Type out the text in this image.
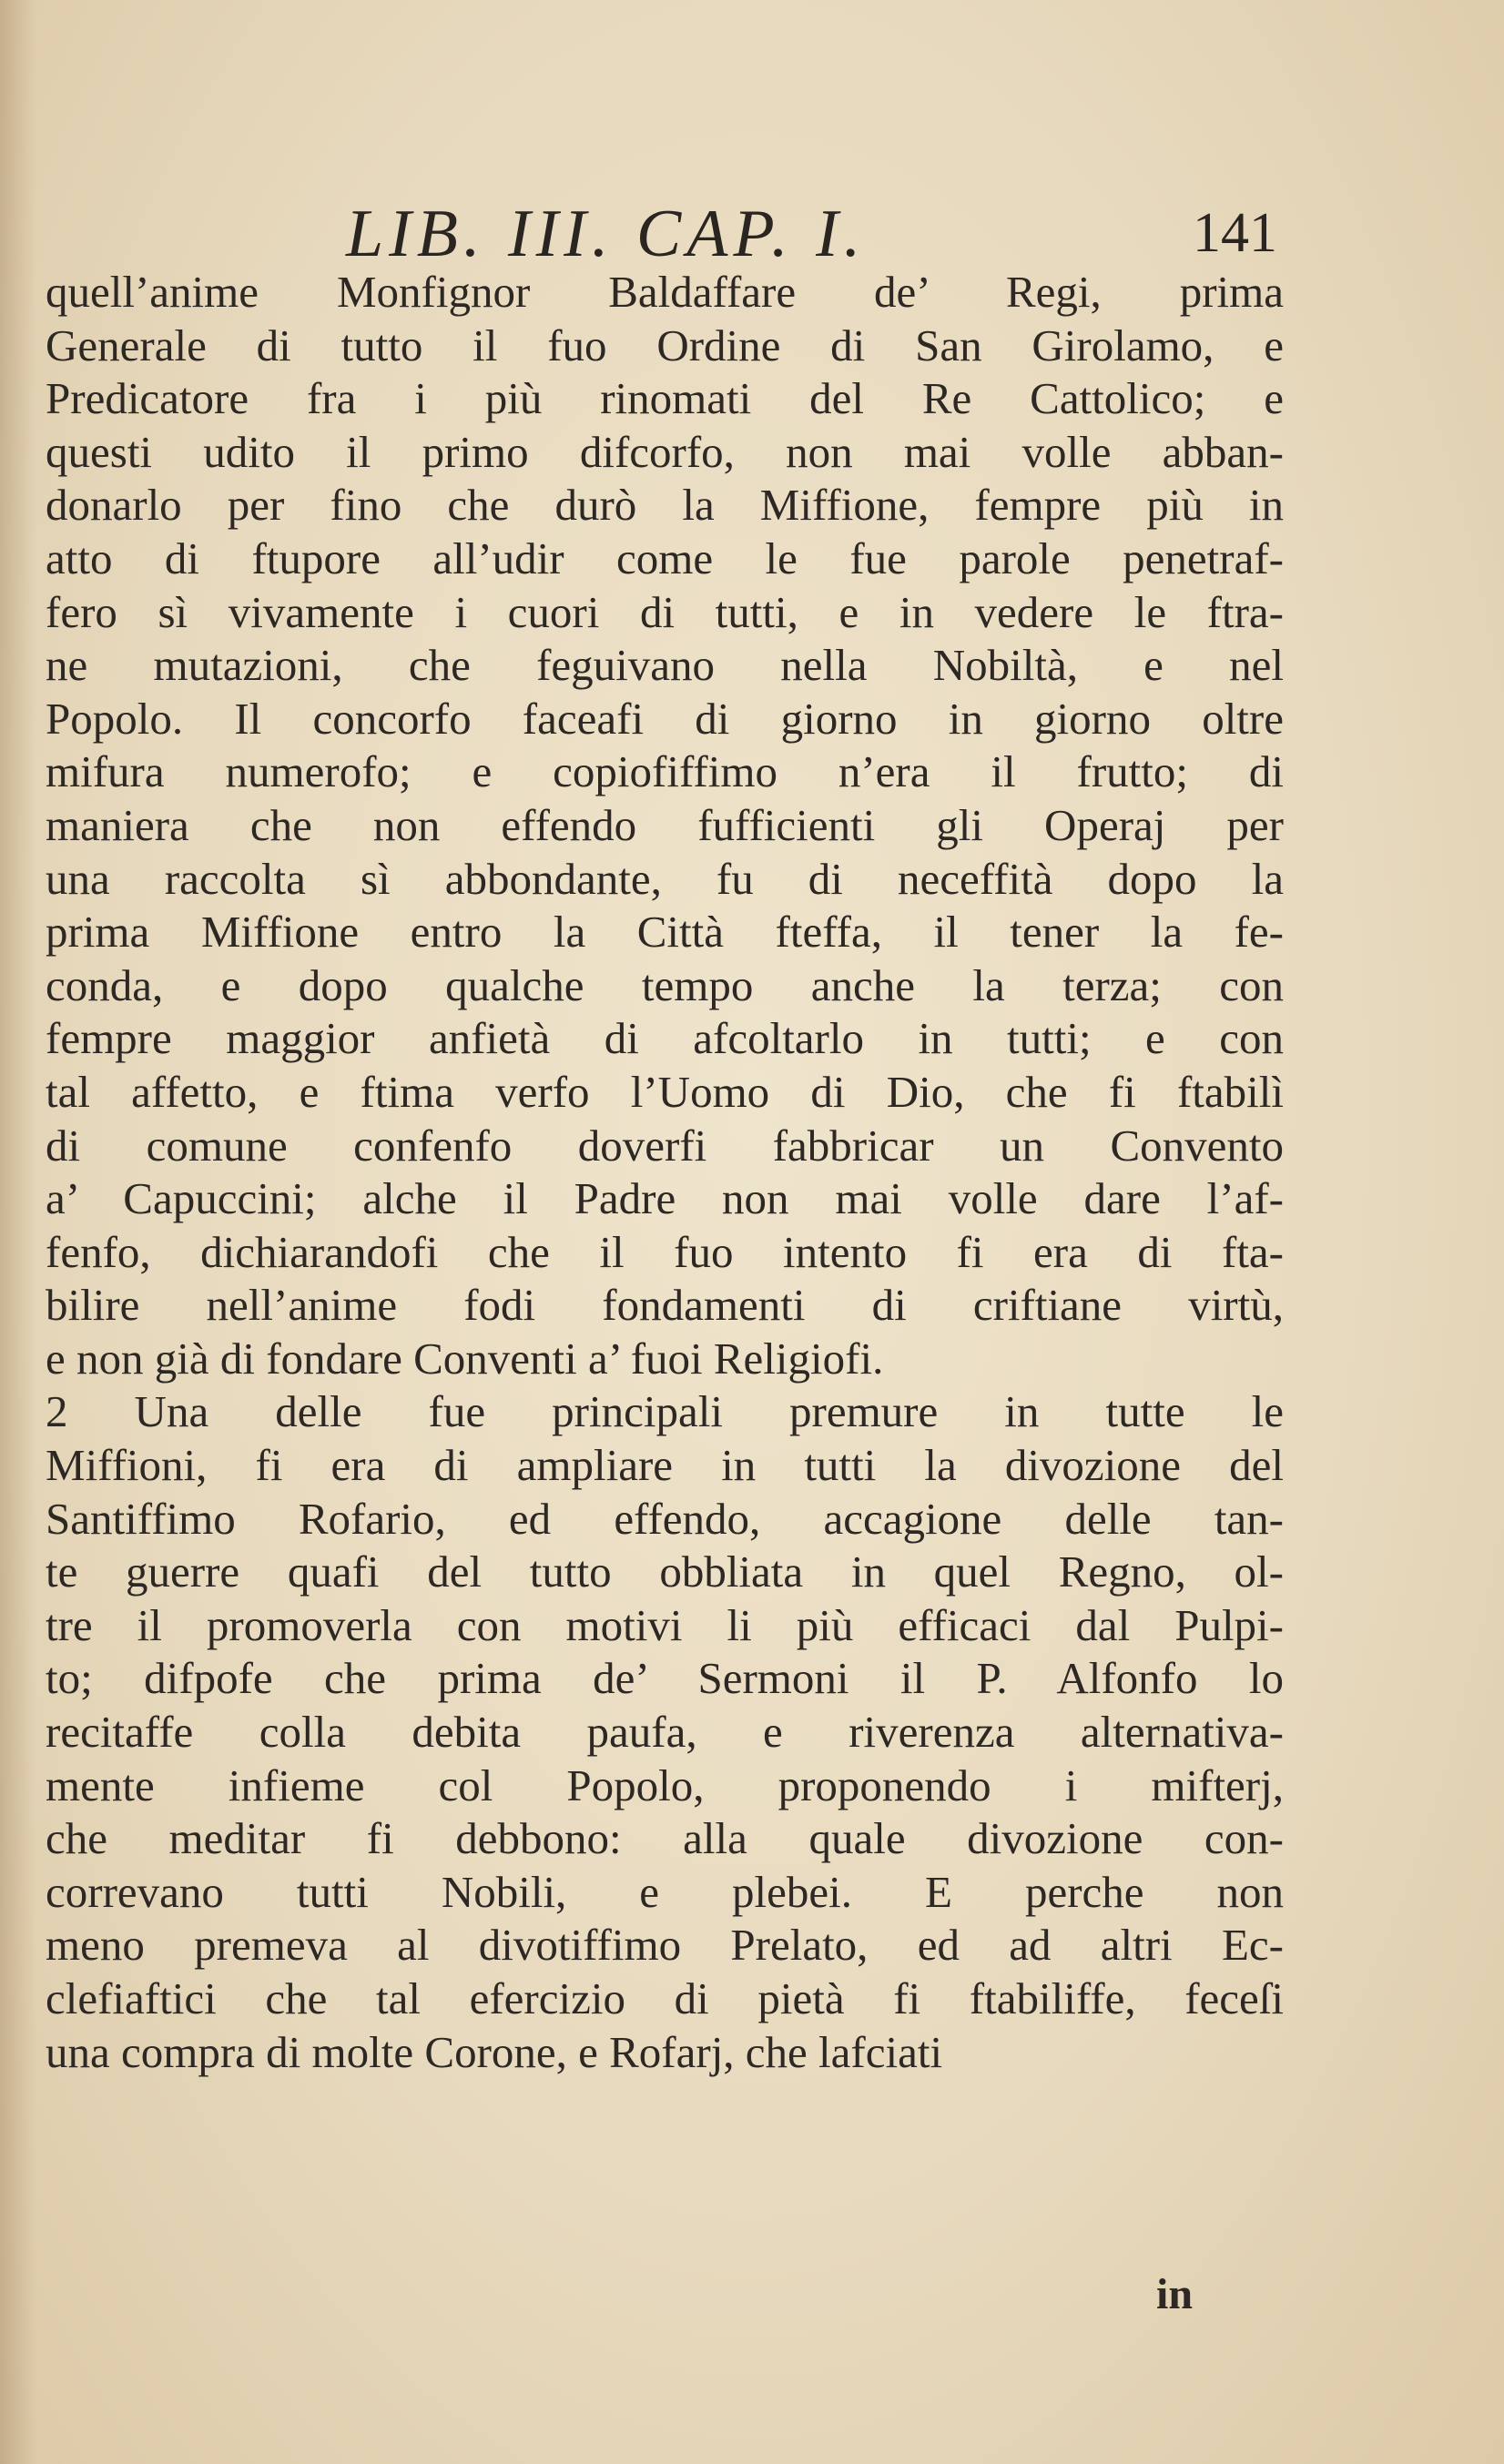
LIB. III. CAP. I.	141
quell’anime Monfignor Baldaffare de’ Regi, prima
Generale di tutto il fuo Ordine di San Girolamo, e
Predicatore fra i più rinomati del Re Cattolico; e
questi udito il primo difcorfo, non mai volle abban-
donarlo per fino che durò la Miffione, fempre più in
atto di ftupore all’udir come le fue parole penetraf-
fero sì vivamente i cuori di tutti, e in vedere le ftra-
ne mutazioni, che feguivano nella Nobiltà, e nel
Popolo. Il concorfo faceafi di giorno in giorno oltre
mifura numerofo; e copiofiffimo n’era il frutto; di
maniera che non effendo fufficienti gli Operaj per
una raccolta sì abbondante, fu di neceffità dopo la
prima Miffione entro la Città fteffa, il tener la fe-
conda, e dopo qualche tempo anche la terza; con
fempre maggior anfietà di afcoltarlo in tutti; e con
tal affetto, e ftima verfo l’Uomo di Dio, che fi ftabilì
di comune confenfo doverfi fabbricar un Convento
a’ Capuccini; alche il Padre non mai volle dare l’af-
fenfo, dichiarandofi che il fuo intento fi era di fta-
bilire nell’anime fodi fondamenti di criftiane virtù,
e non già di fondare Conventi a’ fuoi Religiofi.
2 Una delle fue principali premure in tutte le
Miffioni, fi era di ampliare in tutti la divozione del
Santiffimo Rofario, ed effendo, accagione delle tan-
te guerre quafi del tutto obbliata in quel Regno, ol-
tre il promoverla con motivi li più efficaci dal Pulpi-
to; difpofe che prima de’ Sermoni il P. Alfonfo lo
recitaffe colla debita paufa, e riverenza alternativa-
mente infieme col Popolo, proponendo i mifterj,
che meditar fi debbono: alla quale divozione con-
correvano tutti Nobili, e plebei. E perche non
meno premeva al divotiffimo Prelato, ed ad altri Ec-
clefiaftici che tal efercizio di pietà fi ftabiliffe, feceſi
una compra di molte Corone, e Rofarj, che lafciati
in
